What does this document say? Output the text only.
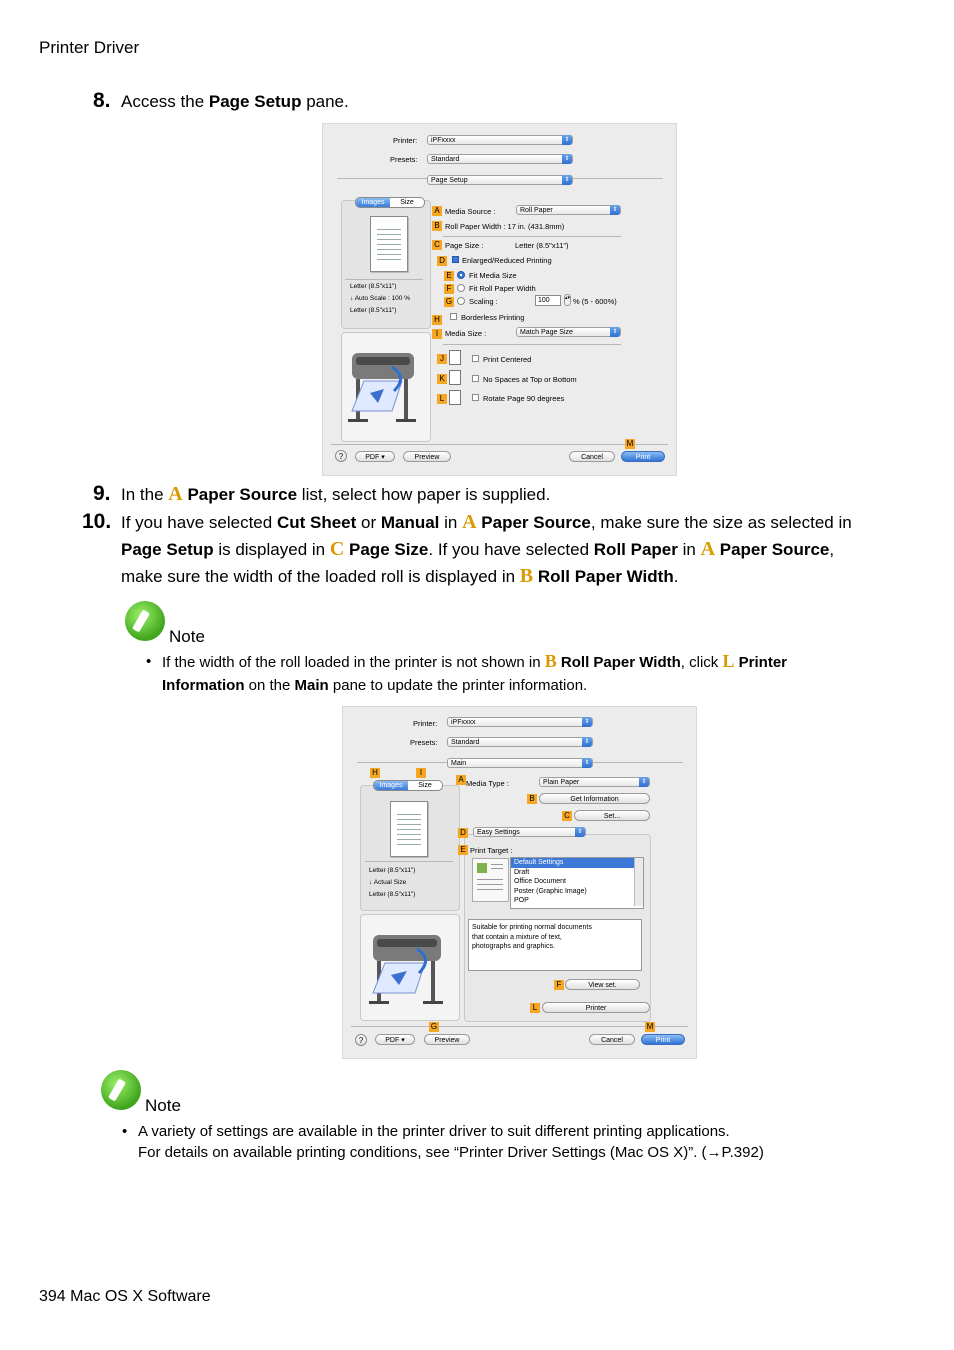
Printer Driver
8. Access the Page Setup pane.
Printer:	iPFxxxx	⇕
Presets:	Standard	⇕
Page Setup	⇕
Images	Size
Letter (8.5"x11")
↓ Auto Scale : 100 %
Letter (8.5"x11")
A Media Source :	Roll Paper	⇕
B Roll Paper Width : 17 in. (431.8mm)
C Page Size :	Letter (8.5"x11")
D Enlarged/Reduced Printing
E	Fit Media Size
F	Fit Roll Paper Width
G Scaling :	100	▴▾ % (5 - 600%)
Borderless Printing
H
I Media Size :	Match Page Size	⇕
J	Print Centered
K	No Spaces at Top or Bottom
L	Rotate Page 90 degrees
?	PDF ▾	Preview	Cancel
M
Print
9. In the A Paper Source list, select how paper is supplied.
10. If you have selected Cut Sheet or Manual in A Paper Source, make sure the size as selected in
Page Setup is displayed in C Page Size. If you have selected Roll Paper in A Paper Source,
make sure the width of the loaded roll is displayed in B Roll Paper Width.
Note
• If the width of the roll loaded in the printer is not shown in B Roll Paper Width, click L Printer
Information on the Main pane to update the printer information.
Printer:	iPFxxxx	⇕
Presets:	Standard	⇕
Main	⇕
H	I
Images	Size
Letter (8.5"x11")
↓ Actual Size
Letter (8.5"x11")
A Media Type :	Plain Paper	⇕
B	Get Information
C	Set...
D	Easy Settings	⇕
E Print Target :
Default Settings
Draft
Office Document
Poster (Graphic Image)
POP
Suitable for printing normal documents
that contain a mixture of text,
photographs and graphics.
F	View set.
L	Printer
G	M
?	PDF ▾	Preview	Cancel	Print
Note
• A variety of settings are available in the printer driver to suit different printing applications.
For details on available printing conditions, see “Printer Driver Settings (Mac OS X)”. (→P.392)
394 Mac OS X Software
